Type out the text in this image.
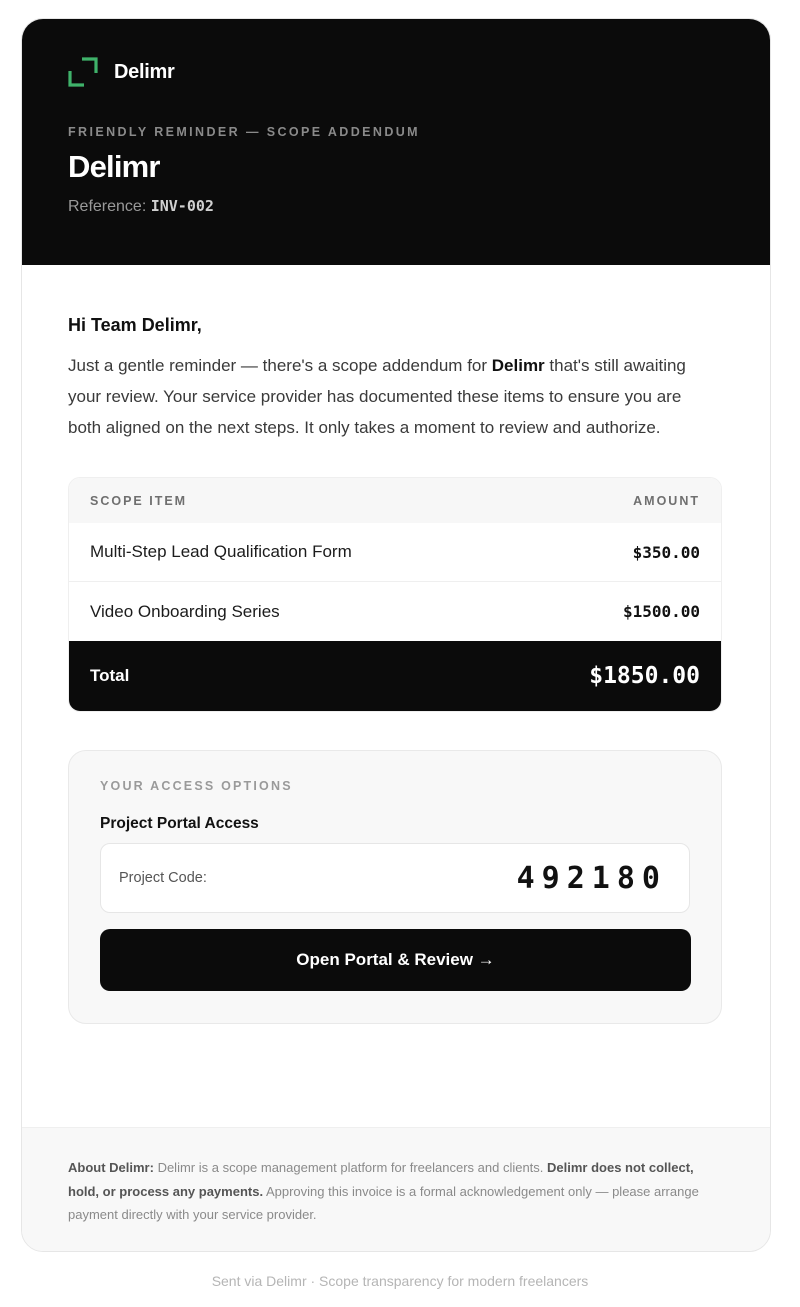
Delimr
FRIENDLY REMINDER — SCOPE ADDENDUM
Delimr
Reference: INV-002
Hi Team Delimr,

Just a gentle reminder — there's a scope addendum for Delimr that's still awaiting your review. Your service provider has documented these items to ensure you are both aligned on the next steps. It only takes a moment to review and authorize.

SCOPE ITEM	AMOUNT
Multi-Step Lead Qualification Form	$350.00
Video Onboarding Series	$1500.00
Total	$1850.00
YOUR ACCESS OPTIONS
Project Portal Access
Project Code:	492180
Open Portal & Review →

About Delimr: Delimr is a scope management platform for freelancers and clients. Delimr does not collect, hold, or process any payments. Approving this invoice is a formal acknowledgement only — please arrange payment directly with your service provider.

Sent via Delimr · Scope transparency for modern freelancers
